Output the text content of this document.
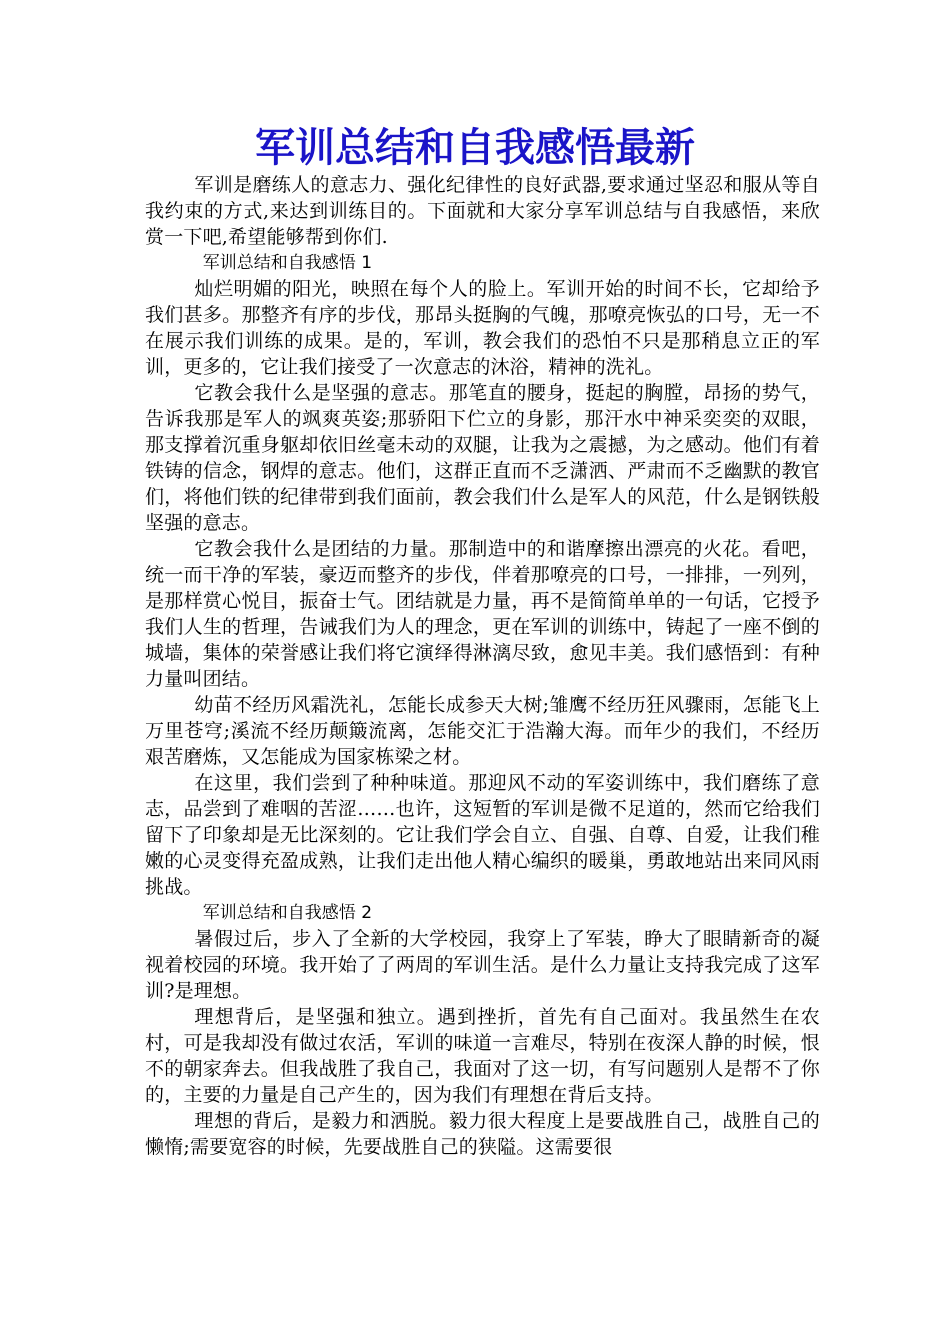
军训总结和自我感悟最新

军训是磨练人的意志力、强化纪律性的良好武器,要求通过坚忍和服从等自我约束的方式,来达到训练目的。下面就和大家分享军训总结与自我感悟，来欣赏一下吧,希望能够帮到你们.

军训总结和自我感悟 1

灿烂明媚的阳光，映照在每个人的脸上。军训开始的时间不长，它却给予我们甚多。那整齐有序的步伐，那昂头挺胸的气魄，那嘹亮恢弘的口号，无一不在展示我们训练的成果。是的，军训，教会我们的恐怕不只是那稍息立正的军训，更多的，它让我们接受了一次意志的沐浴，精神的洗礼。

它教会我什么是坚强的意志。那笔直的腰身，挺起的胸膛，昂扬的势气，告诉我那是军人的飒爽英姿;那骄阳下伫立的身影，那汗水中神采奕奕的双眼，那支撑着沉重身躯却依旧丝毫未动的双腿，让我为之震撼，为之感动。他们有着铁铸的信念，钢焊的意志。他们，这群正直而不乏潇洒、严肃而不乏幽默的教官们，将他们铁的纪律带到我们面前，教会我们什么是军人的风范，什么是钢铁般坚强的意志。

它教会我什么是团结的力量。那制造中的和谐摩擦出漂亮的火花。看吧，统一而干净的军装，豪迈而整齐的步伐，伴着那嘹亮的口号，一排排，一列列，是那样赏心悦目，振奋士气。团结就是力量，再不是简简单单的一句话，它授予我们人生的哲理，告诫我们为人的理念，更在军训的训练中，铸起了一座不倒的城墙，集体的荣誉感让我们将它演绎得淋漓尽致，愈见丰美。我们感悟到：有种力量叫团结。

幼苗不经历风霜洗礼，怎能长成参天大树;雏鹰不经历狂风骤雨，怎能飞上万里苍穹;溪流不经历颠簸流离，怎能交汇于浩瀚大海。而年少的我们，不经历艰苦磨炼，又怎能成为国家栋梁之材。

在这里，我们尝到了种种味道。那迎风不动的军姿训练中，我们磨练了意志，品尝到了难咽的苦涩……也许，这短暂的军训是微不足道的，然而它给我们留下了印象却是无比深刻的。它让我们学会自立、自强、自尊、自爱，让我们稚嫩的心灵变得充盈成熟，让我们走出他人精心编织的暖巢，勇敢地站出来同风雨挑战。

军训总结和自我感悟 2

暑假过后，步入了全新的大学校园，我穿上了军装，睁大了眼睛新奇的凝视着校园的环境。我开始了了两周的军训生活。是什么力量让支持我完成了这军训?是理想。

理想背后，是坚强和独立。遇到挫折，首先有自己面对。我虽然生在农村，可是我却没有做过农活，军训的味道一言难尽，特别在夜深人静的时候，恨不的朝家奔去。但我战胜了我自己，我面对了这一切，有写问题别人是帮不了你的，主要的力量是自己产生的，因为我们有理想在背后支持。

理想的背后，是毅力和洒脱。毅力很大程度上是要战胜自己，战胜自己的懒惰;需要宽容的时候，先要战胜自己的狭隘。这需要很
